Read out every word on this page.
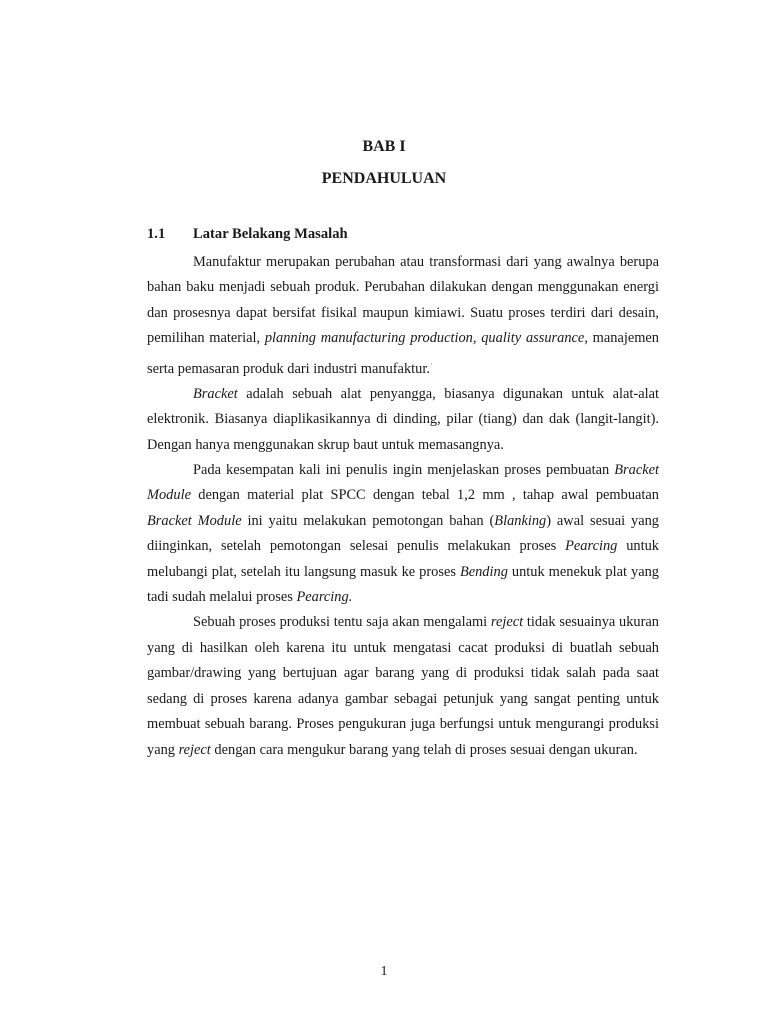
BAB I
PENDAHULUAN
1.1 Latar Belakang Masalah

Manufaktur merupakan perubahan atau transformasi dari yang awalnya berupa bahan baku menjadi sebuah produk. Perubahan dilakukan dengan menggunakan energi dan prosesnya dapat bersifat fisikal maupun kimiawi. Suatu proses terdiri dari desain, pemilihan material, planning manufacturing production, quality assurance, manajemen serta pemasaran produk dari industri manufaktur.·

Bracket adalah sebuah alat penyangga, biasanya digunakan untuk alat-alat elektronik. Biasanya diaplikasikannya di dinding, pilar (tiang) dan dak (langit-langit). Dengan hanya menggunakan skrup baut untuk memasangnya.

Pada kesempatan kali ini penulis ingin menjelaskan proses pembuatan Bracket Module dengan material plat SPCC dengan tebal 1,2 mm , tahap awal pembuatan Bracket Module ini yaitu melakukan pemotongan bahan (Blanking) awal sesuai yang diinginkan, setelah pemotongan selesai penulis melakukan proses Pearcing untuk melubangi plat, setelah itu langsung masuk ke proses Bending untuk menekuk plat yang tadi sudah melalui proses Pearcing.

Sebuah proses produksi tentu saja akan mengalami reject tidak sesuainya ukuran yang di hasilkan oleh karena itu untuk mengatasi cacat produksi di buatlah sebuah gambar/drawing yang bertujuan agar barang yang di produksi tidak salah pada saat sedang di proses karena adanya gambar sebagai petunjuk yang sangat penting untuk membuat sebuah barang. Proses pengukuran juga berfungsi untuk mengurangi produksi yang reject dengan cara mengukur barang yang telah di proses sesuai dengan ukuran.

1
